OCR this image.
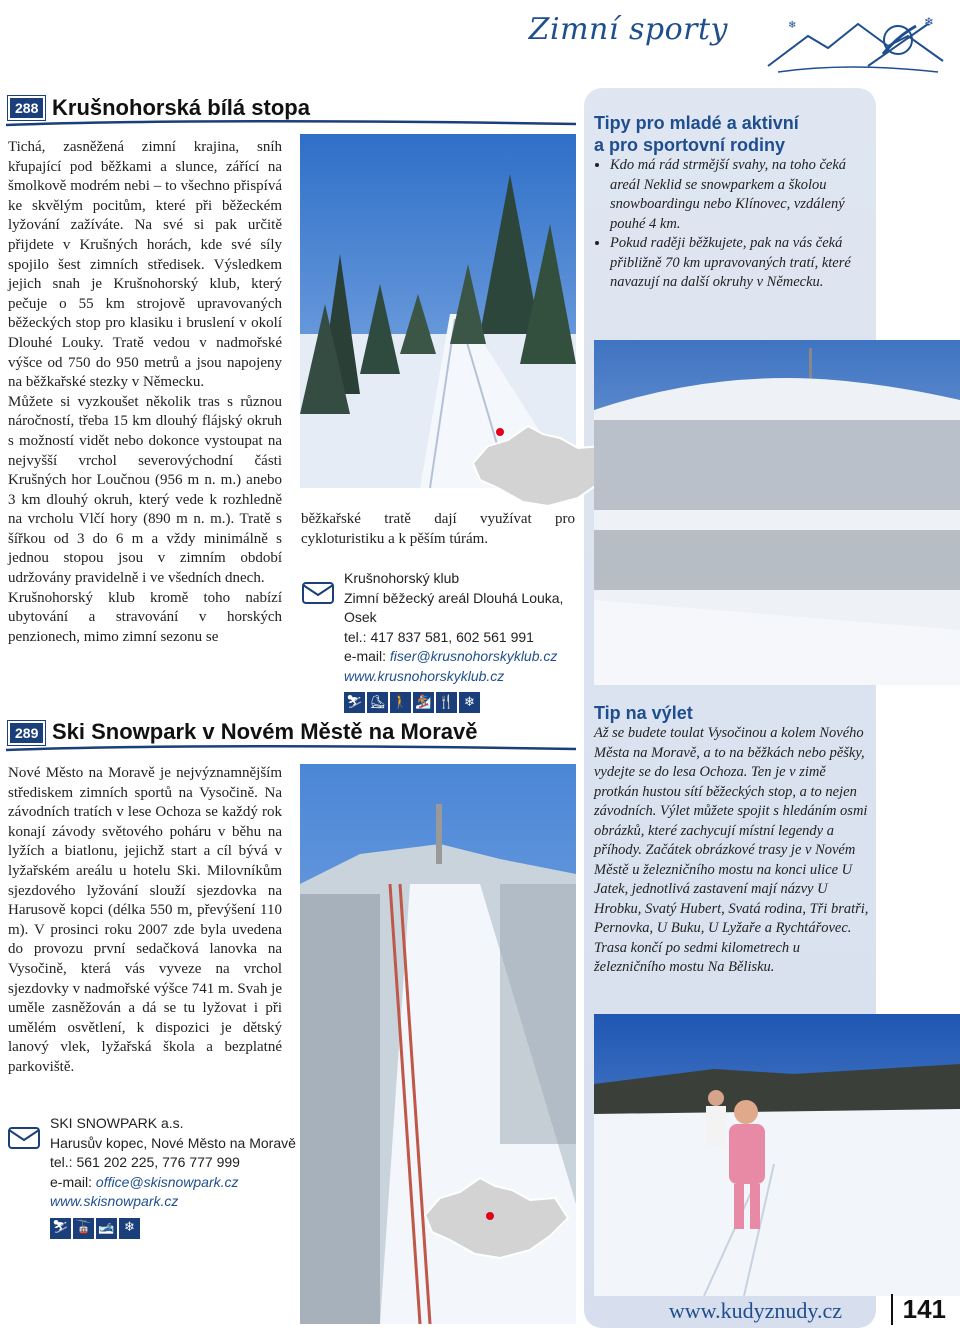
Zimní sporty	❄
❄
288 Krušnohorská bílá stopa

Tichá, zasněžená zimní krajina, sníh křupající pod běžkami a slunce, zářící na šmolkově modrém nebi – to všechno přispívá ke skvělým pocitům, které při běžeckém lyžování zažíváte. Na své si pak určitě přijdete v Krušných horách, kde své síly spojilo šest zimních středisek. Výsledkem jejich snah je Krušnohorský klub, který pečuje o 55 km strojově upravovaných běžeckých stop pro klasiku i bruslení v okolí Dlouhé Louky. Tratě vedou v nadmořské výšce od 750 do 950 metrů a jsou napojeny na běžkařské stezky v Německu.

Můžete si vyzkoušet několik tras s různou náročností, třeba 15 km dlouhý flájský okruh s možností vidět nebo dokonce vystoupat na nejvyšší vrchol severovýchodní části Krušných hor Loučnou (956 m n. m.) anebo 3 km dlouhý okruh, který vede k rozhledně na vrcholu Vlčí hory (890 m n. m.). Tratě s šířkou od 3 do 6 m a vždy minimálně s jednou stopou jsou v zimním období udržovány pravidelně i ve všedních dnech.

Krušnohorský klub kromě toho nabízí ubytování a stravování v horských penzionech, mimo zimní sezonu se

běžkařské tratě dají využívat pro cykloturistiku a k pěším túrám.
Krušnohorský klub
Zimní běžecký areál Dlouhá Louka, Osek
tel.: 417 837 581, 602 561 991
e-mail: fiser@krusnohorskyklub.cz
www.krusnohorskyklub.cz
⛷ ⛸ 🚶 🏂 🍴 ❄
289 Ski Snowpark v Novém Městě na Moravě
Nové Město na Moravě je nejvýznamnějším střediskem zimních sportů na Vysočině. Na závodních tratích v lese Ochoza se každý rok konají závody světového poháru v běhu na lyžích a biatlonu, jejichž start a cíl bývá v lyžařském areálu u hotelu Ski. Milovníkům sjezdového lyžování slouží sjezdovka na Harusově kopci (délka 550 m, převýšení 110 m). V prosinci roku 2007 zde byla uvedena do provozu první sedačková lanovka na Vysočině, která vás vyveze na vrchol sjezdovky v nadmořské výšce 741 m. Svah je uměle zasněžován a dá se tu lyžovat i při umělém osvětlení, k dispozici je dětský lanový vlek, lyžařská škola a bezplatné parkoviště.
SKI SNOWPARK a.s.
Harusův kopec, Nové Město na Moravě
tel.: 561 202 225, 776 777 999
e-mail: office@skisnowpark.cz
www.skisnowpark.cz
⛷ 🚡 🎿 ❄
Tipy pro mladé a aktivní
a pro sportovní rodiny
• Kdo má rád strmější svahy, na toho čeká areál Neklid se snowparkem a školou snowboardingu nebo Klínovec, vzdálený pouhé 4 km.
• Pokud raději běžkujete, pak na vás čeká přibližně 70 km upravovaných tratí, které navazují na další okruhy v Německu.
Tip na výlet
Až se budete toulat Vysočinou a kolem Nového Města na Moravě, a to na běžkách nebo pěšky, vydejte se do lesa Ochoza. Ten je v zimě protkán hustou sítí běžeckých stop, a to nejen závodních. Výlet můžete spojit s hledáním osmi obrázků, které zachycují místní legendy a příhody. Začátek obrázkové trasy je v Novém Městě u železničního mostu na konci ulice U Jatek, jednotlivá zastavení mají názvy U Hrobku, Svatý Hubert, Svatá rodina, Tři bratři, Pernovka, U Buku, U Lyžaře a Rychtářovec. Trasa končí po sedmi kilometrech u železničního mostu Na Bělisku.
www.kudyznudy.cz	141
